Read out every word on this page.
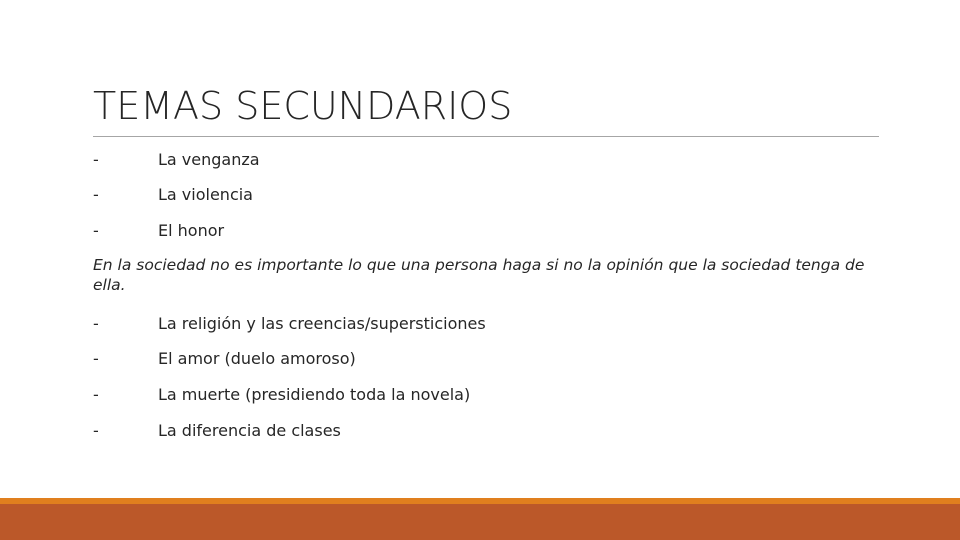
TEMAS SECUNDARIOS
-	La venganza
-	La violencia
-	El honor

En la sociedad no es importante lo que una persona haga si no la opinión que la sociedad tenga de ella.

-	La religión y las creencias/supersticiones
-	El amor (duelo amoroso)
-	La muerte (presidiendo toda la novela)
-	La diferencia de clases
